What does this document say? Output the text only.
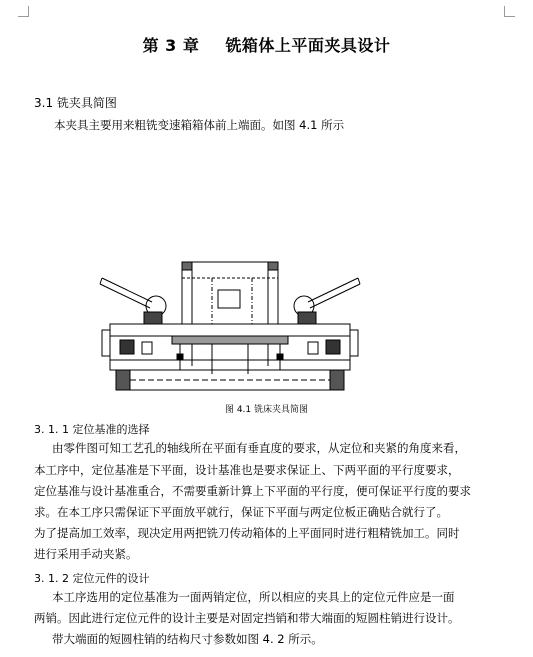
第 3 章 铣箱体上平面夹具设计
3.1 铣夹具简图
本夹具主要用来粗铣变速箱箱体前上端面。如图 4.1 所示
图 4.1 铣床夹具简图
3. 1. 1 定位基准的选择
由零件图可知工艺孔的轴线所在平面有垂直度的要求，从定位和夹紧的角度来看，
本工序中，定位基准是下平面，设计基准也是要求保证上、下两平面的平行度要求，
定位基准与设计基准重合，不需要重新计算上下平面的平行度，便可保证平行度的要求
求。在本工序只需保证下平面放平就行，保证下平面与两定位板正确贴合就行了。
为了提高加工效率，现决定用两把铣刀传动箱体的上平面同时进行粗精铣加工。同时
进行采用手动夹紧。
3. 1. 2 定位元件的设计
本工序选用的定位基准为一面两销定位，所以相应的夹具上的定位元件应是一面
两销。因此进行定位元件的设计主要是对固定挡销和带大端面的短圆柱销进行设计。
带大端面的短圆柱销的结构尺寸参数如图 4. 2 所示。
